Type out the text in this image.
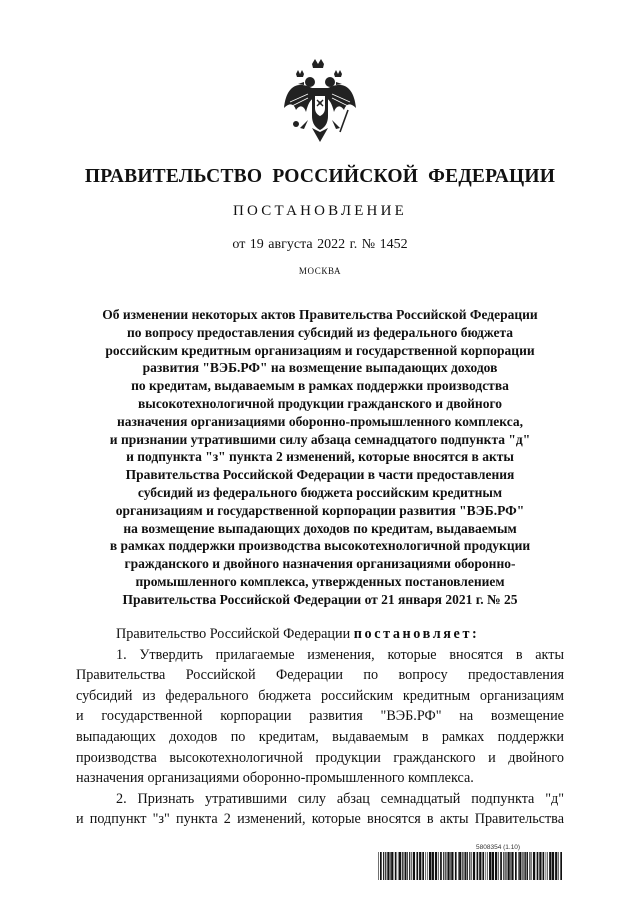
ПРАВИТЕЛЬСТВО РОССИЙСКОЙ ФЕДЕРАЦИИ
ПОСТАНОВЛЕНИЕ
от 19 августа 2022 г. № 1452
МОСКВА
Об изменении некоторых актов Правительства Российской Федерации
по вопросу предоставления субсидий из федерального бюджета
российским кредитным организациям и государственной корпорации
развития "ВЭБ.РФ" на возмещение выпадающих доходов
по кредитам, выдаваемым в рамках поддержки производства
высокотехнологичной продукции гражданского и двойного
назначения организациями оборонно-промышленного комплекса,
и признании утратившими силу абзаца семнадцатого подпункта "д"
и подпункта "з" пункта 2 изменений, которые вносятся в акты
Правительства Российской Федерации в части предоставления
субсидий из федерального бюджета российским кредитным
организациям и государственной корпорации развития "ВЭБ.РФ"
на возмещение выпадающих доходов по кредитам, выдаваемым
в рамках поддержки производства высокотехнологичной продукции
гражданского и двойного назначения организациями оборонно-
промышленного комплекса, утвержденных постановлением
Правительства Российской Федерации от 21 января 2021 г. № 25
Правительство Российской Федерации постановляет:
1. Утвердить прилагаемые изменения, которые вносятся в акты
Правительства Российской Федерации по вопросу предоставления
субсидий из федерального бюджета российским кредитным организациям
и государственной корпорации развития "ВЭБ.РФ" на возмещение
выпадающих доходов по кредитам, выдаваемым в рамках поддержки
производства высокотехнологичной продукции гражданского и двойного
назначения организациями оборонно-промышленного комплекса.
2. Признать утратившими силу абзац семнадцатый подпункта "д"
и подпункт "з" пункта 2 изменений, которые вносятся в акты Правительства
5808354 (1.10)
